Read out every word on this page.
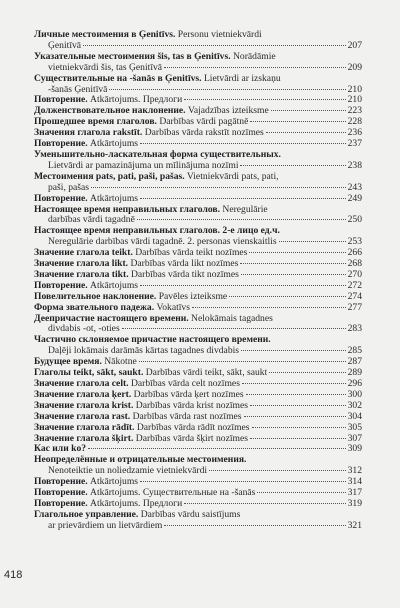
Личные местоимения в Ģenitīvs. Personu vietniekvārdi
Ģenitīvā	207
Указательные местоимения šis, tas в Ģenitīvs. Norādāmie
vietniekvārdi šis, tas Ģenitīvā	209
Существительные на -šanās в Ģenitīvs. Lietvārdi ar izskaņu
-šanās Ģenitīvā	210
Повторение. Atkārtojums. Предлоги	210
Долженствовательное наклонение. Vajadzības izteiksme	223
Прошедшее время глаголов. Darbības vārdi pagātnē	228
Значения глагола rakstīt. Darbības vārda rakstīt nozīmes	236
Повторение. Atkārtojums	237
Уменьшительно-ласкательная форма существительных.
Lietvārdi ar pamazinājuma un mīlinājuma nozīmi	238
Местоимения pats, pati, paši, pašas. Vietniekvārdi pats, pati,
paši, pašas	243
Повторение. Atkārtojums	249
Настоящее время неправильных глаголов. Neregulārie
darbības vārdi tagadnē	250
Настоящее время неправильных глаголов. 2-е лицо ед.ч.
Neregulārie darbības vārdi tagadnē. 2. personas vienskaitlis	253
Значение глагола teikt. Darbības vārda teikt nozīmes	266
Значение глагола likt. Darbības vārda likt nozīmes	268
Значение глагола tikt. Darbības vārda tikt nozīmes	270
Повторение. Atkārtojums	272
Повелительное наклонение. Pavēles izteiksme	274
Форма звательного падежа. Vokatīvs	277
Деепричастие настоящего времени. Nelokāmais tagadnes
divdabis -ot, -oties	283
Частично склоняемое причастие настоящего времени.
Daļēji lokāmais darāmās kārtas tagadnes divdabis	285
Будущее время. Nākotne	287
Глаголы teikt, sākt, saukt. Darbības vārdi teikt, sākt, saukt	289
Значение глагола celt. Darbības vārda celt nozīmes	296
Значение глагола ķert. Darbības vārda ķert nozīmes	300
Значение глагола krist. Darbības vārda krist nozīmes	302
Значение глагола rast. Darbības vārda rast nozīmes	304
Значение глагола rādīt. Darbības vārda rādīt nozīmes	305
Значение глагола šķirt. Darbības vārda šķirt nozīmes	307
Кас или ko?	309
Неопределённые и отрицательные местоимения.
Nenoteiktie un noliedzamie vietniekvārdi	312
Повторение. Atkārtojums	314
Повторение. Atkārtojums. Существительные на -šanās	317
Повторение. Atkārtojums. Предлоги	319
Глагольное управление. Darbības vārdu saistījums
ar prievārdiem un lietvārdiem	321
418
